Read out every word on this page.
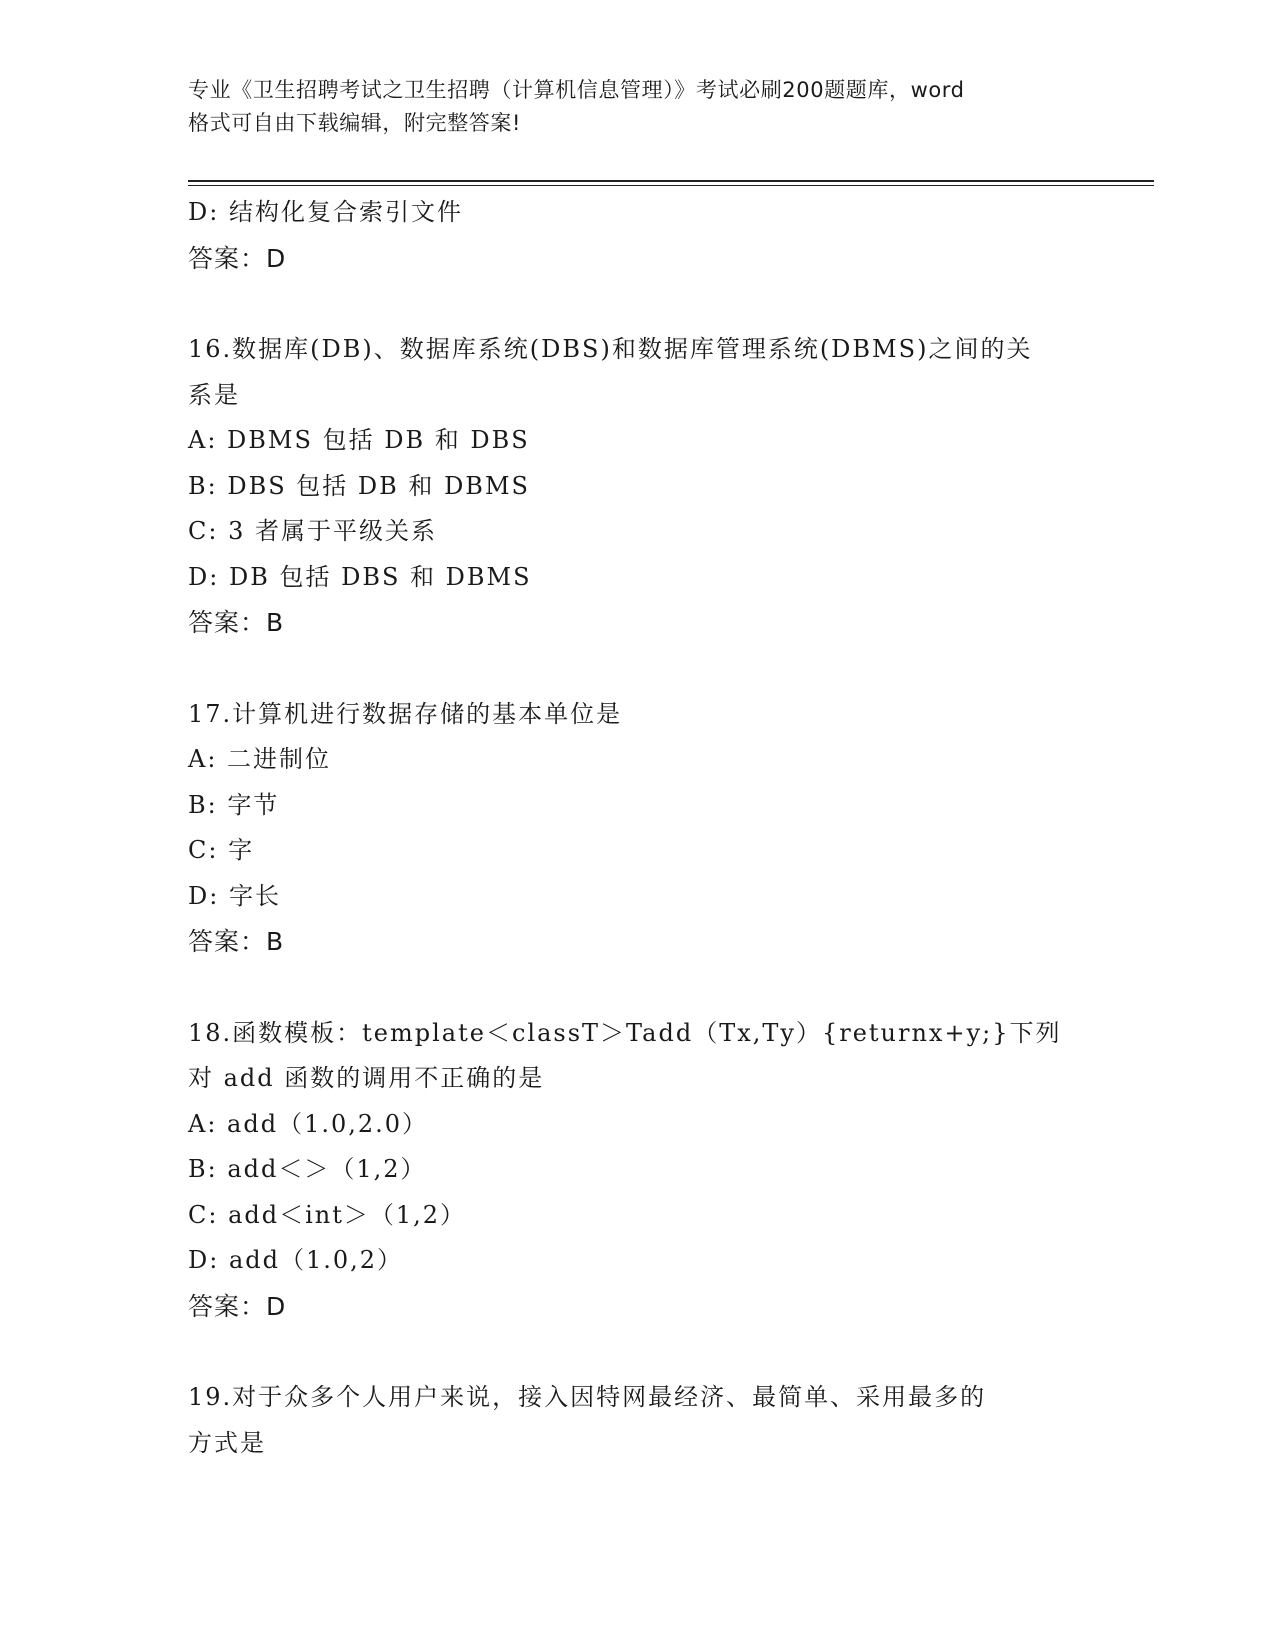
专业《卫生招聘考试之卫生招聘（计算机信息管理）》考试必刷200题题库，word
格式可自由下载编辑，附完整答案!
D: 结构化复合索引文件
答案：D
16.数据库(DB)、数据库系统(DBS)和数据库管理系统(DBMS)之间的关
系是
A: DBMS 包括 DB 和 DBS
B: DBS 包括 DB 和 DBMS
C: 3 者属于平级关系
D: DB 包括 DBS 和 DBMS
答案：B
17.计算机进行数据存储的基本单位是
A: 二进制位
B: 字节
C: 字
D: 字长
答案：B
18.函数模板：template＜classT＞Tadd（Tx,Ty）{returnx+y;}下列
对 add 函数的调用不正确的是
A: add（1.0,2.0）
B: add＜＞（1,2）
C: add＜int＞（1,2）
D: add（1.0,2）
答案：D
19.对于众多个人用户来说，接入因特网最经济、最简单、采用最多的
方式是
